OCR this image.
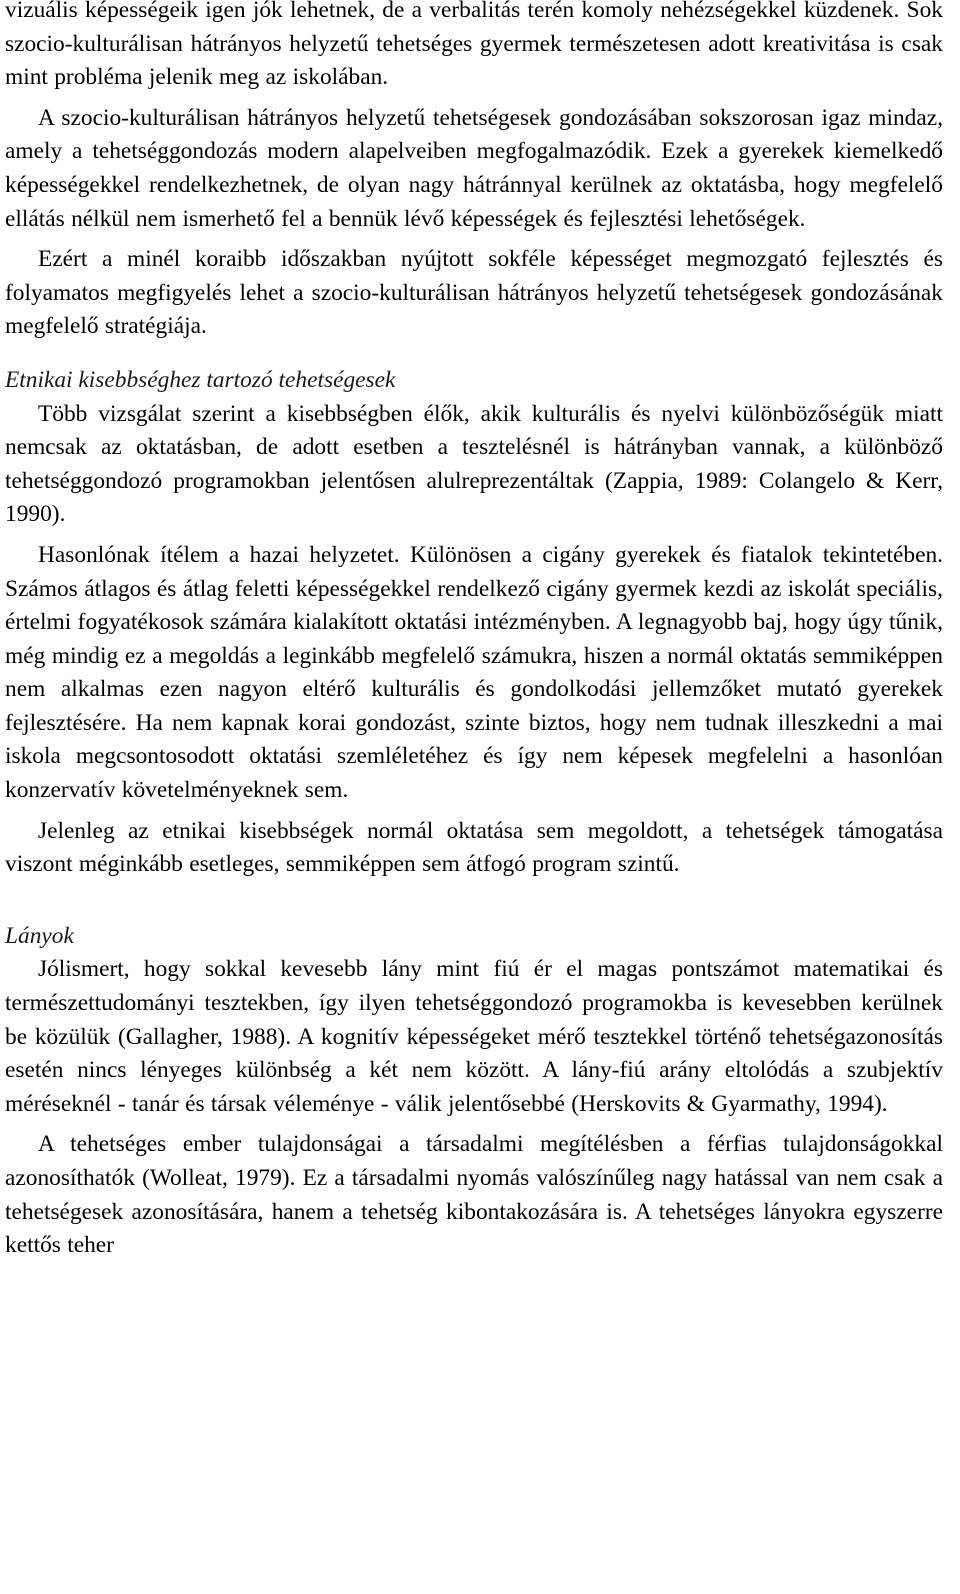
vizuális képességeik igen jók lehetnek, de a verbalitás terén komoly nehézségekkel küzdenek. Sok szocio-kulturálisan hátrányos helyzetű tehetséges gyermek természetesen adott kreativitása is csak mint probléma jelenik meg az iskolában.

A szocio-kulturálisan hátrányos helyzetű tehetségesek gondozásában sokszorosan igaz mindaz, amely a tehetséggondozás modern alapelveiben megfogalmazódik. Ezek a gyerekek kiemelkedő képességekkel rendelkezhetnek, de olyan nagy hátránnyal kerülnek az oktatásba, hogy megfelelő ellátás nélkül nem ismerhető fel a bennük lévő képességek és fejlesztési lehetőségek.

Ezért a minél koraibb időszakban nyújtott sokféle képességet megmozgató fejlesztés és folyamatos megfigyelés lehet a szocio-kulturálisan hátrányos helyzetű tehetségesek gondozásának megfelelő stratégiája.

Etnikai kisebbséghez tartozó tehetségesek

Több vizsgálat szerint a kisebbségben élők, akik kulturális és nyelvi különbözőségük miatt nemcsak az oktatásban, de adott esetben a tesztelésnél is hátrányban vannak, a különböző tehetséggondozó programokban jelentősen alulreprezentáltak (Zappia, 1989: Colangelo & Kerr, 1990).

Hasonlónak ítélem a hazai helyzetet. Különösen a cigány gyerekek és fiatalok tekintetében. Számos átlagos és átlag feletti képességekkel rendelkező cigány gyermek kezdi az iskolát speciális, értelmi fogyatékosok számára kialakított oktatási intézményben. A legnagyobb baj, hogy úgy tűnik, még mindig ez a megoldás a leginkább megfelelő számukra, hiszen a normál oktatás semmiképpen nem alkalmas ezen nagyon eltérő kulturális és gondolkodási jellemzőket mutató gyerekek fejlesztésére. Ha nem kapnak korai gondozást, szinte biztos, hogy nem tudnak illeszkedni a mai iskola megcsontosodott oktatási szemléletéhez és így nem képesek megfelelni a hasonlóan konzervatív követelményeknek sem.

Jelenleg az etnikai kisebbségek normál oktatása sem megoldott, a tehetségek támogatása viszont méginkább esetleges, semmiképpen sem átfogó program szintű.

Lányok

Jólismert, hogy sokkal kevesebb lány mint fiú ér el magas pontszámot matematikai és természettudományi tesztekben, így ilyen tehetséggondozó programokba is kevesebben kerülnek be közülük (Gallagher, 1988). A kognitív képességeket mérő tesztekkel történő tehetségazonosítás esetén nincs lényeges különbség a két nem között. A lány-fiú arány eltolódás a szubjektív méréseknél - tanár és társak véleménye - válik jelentősebbé (Herskovits & Gyarmathy, 1994).

A tehetséges ember tulajdonságai a társadalmi megítélésben a férfias tulajdonságokkal azonosíthatók (Wolleat, 1979). Ez a társadalmi nyomás valószínűleg nagy hatással van nem csak a tehetségesek azonosítására, hanem a tehetség kibontakozására is. A tehetséges lányokra egyszerre kettős teher
